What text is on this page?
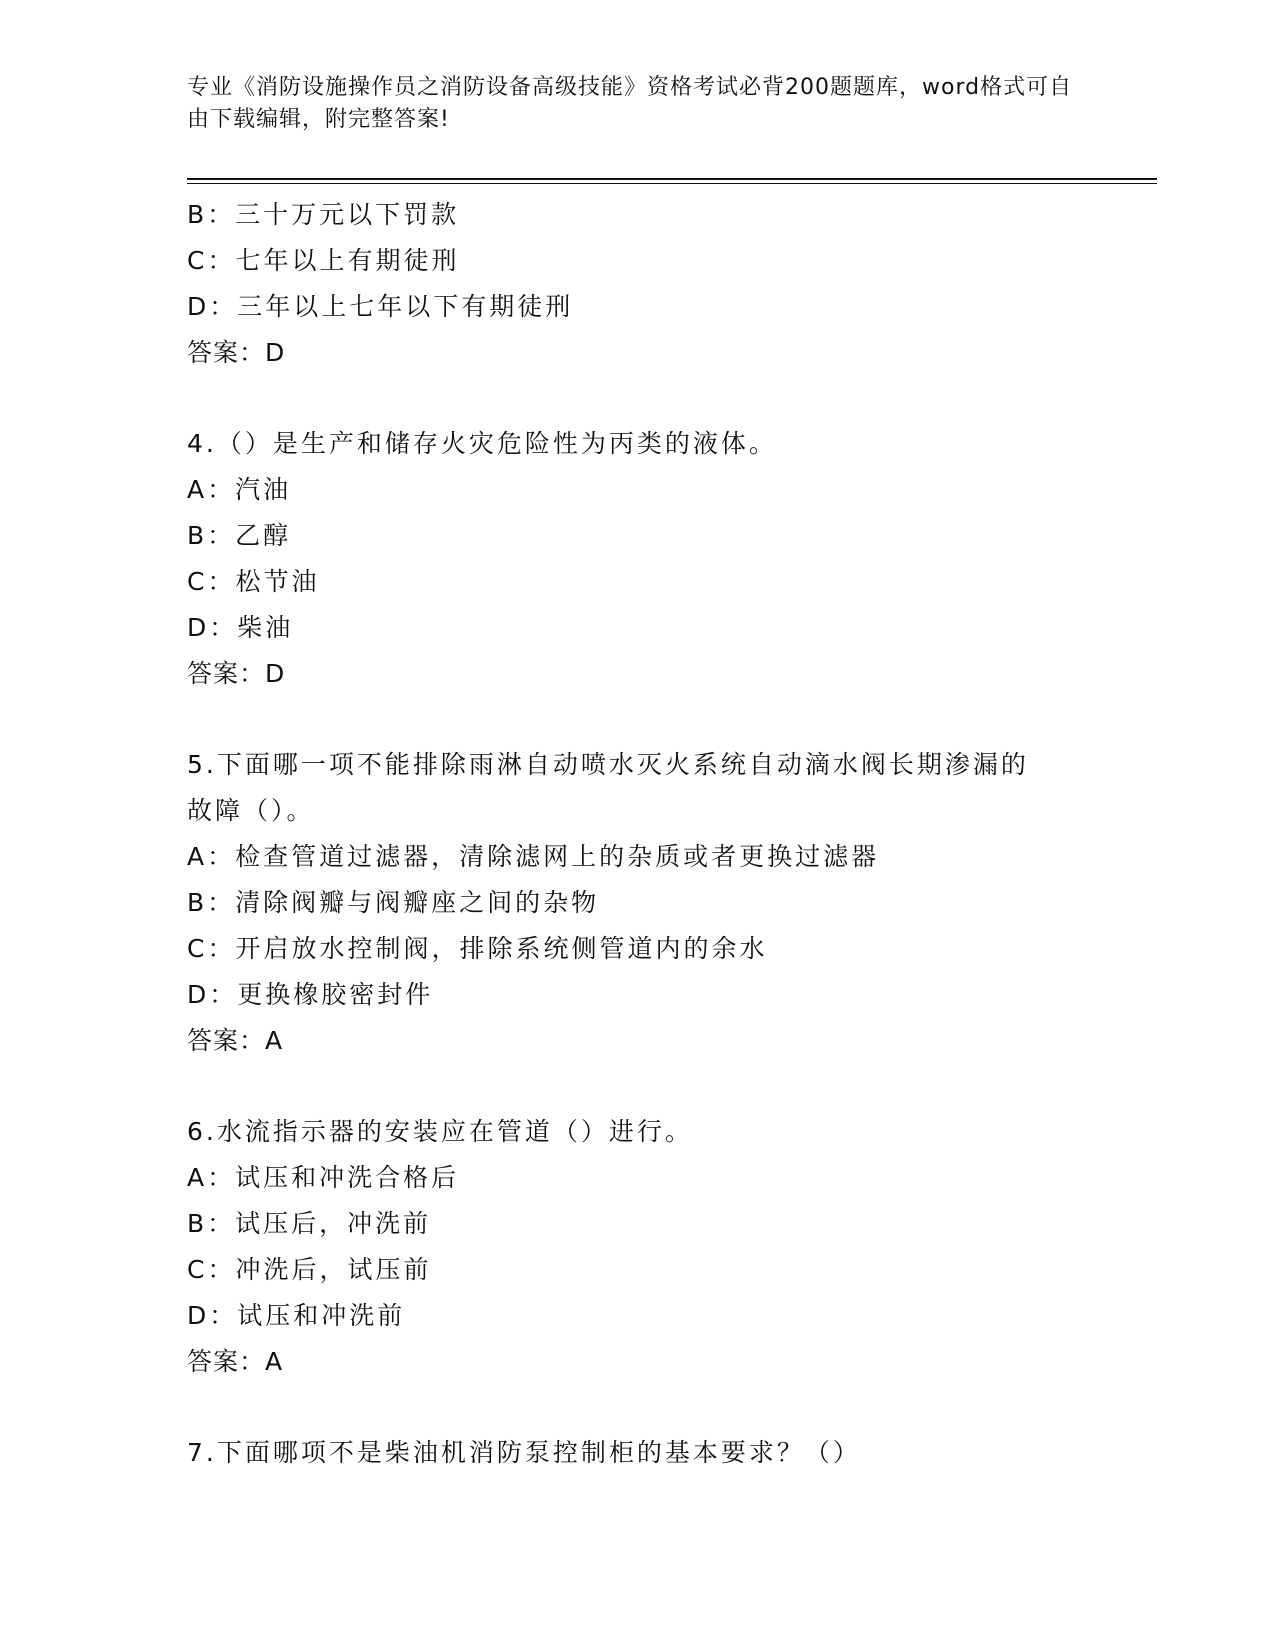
专业《消防设施操作员之消防设备高级技能》资格考试必背200题题库，word格式可自由下载编辑，附完整答案!
B：三十万元以下罚款
C：七年以上有期徒刑
D：三年以上七年以下有期徒刑
答案：D
4.（）是生产和储存火灾危险性为丙类的液体。
A：汽油
B：乙醇
C：松节油
D：柴油
答案：D
5.下面哪一项不能排除雨淋自动喷水灭火系统自动滴水阀长期渗漏的
故障（）。
A：检查管道过滤器，清除滤网上的杂质或者更换过滤器
B：清除阀瓣与阀瓣座之间的杂物
C：开启放水控制阀，排除系统侧管道内的余水
D：更换橡胶密封件
答案：A
6.水流指示器的安装应在管道（）进行。
A：试压和冲洗合格后
B：试压后，冲洗前
C：冲洗后，试压前
D：试压和冲洗前
答案：A
7.下面哪项不是柴油机消防泵控制柜的基本要求？（）
